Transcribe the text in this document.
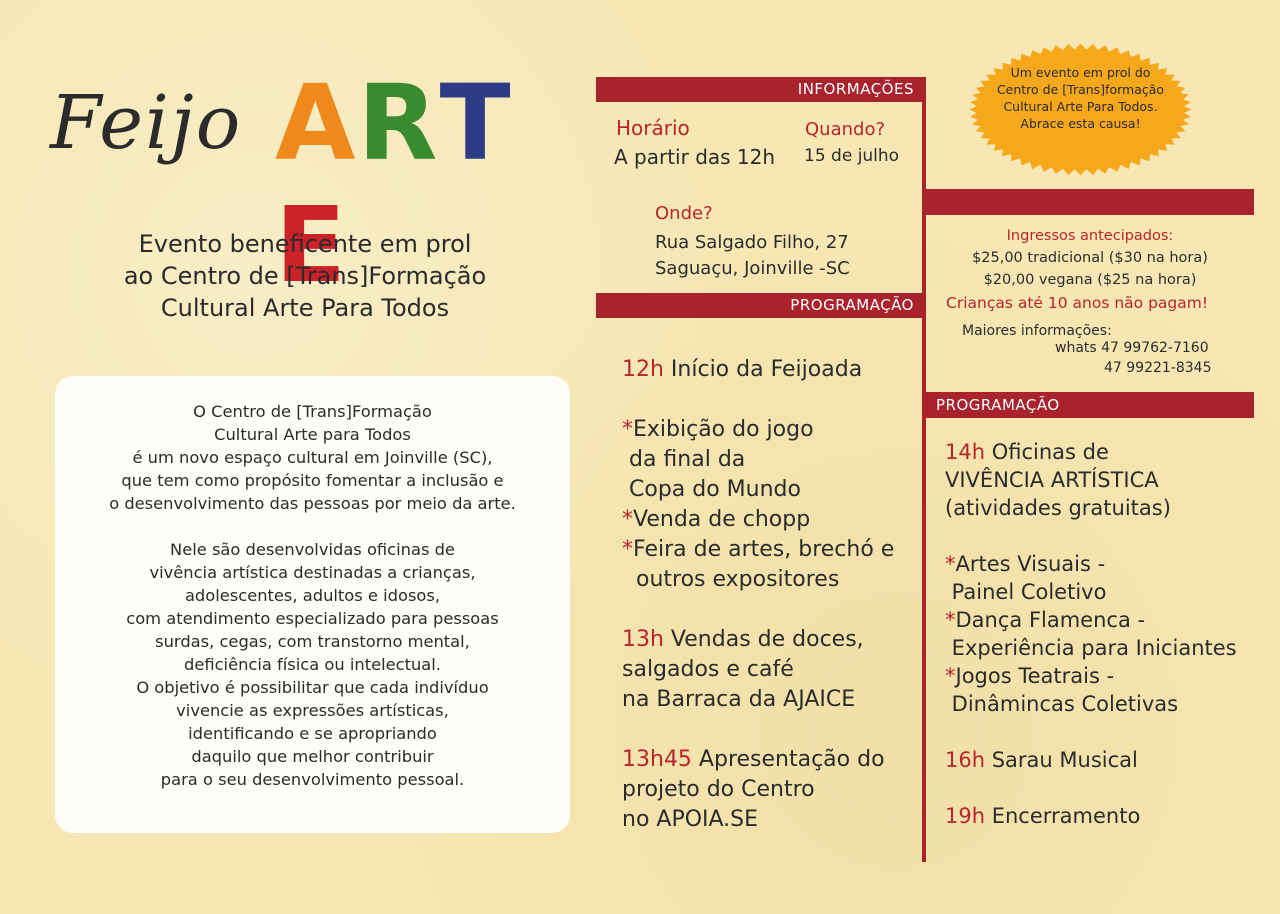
Feijo ARTE
Evento beneficente em prol
ao Centro de [Trans]Formação
Cultural Arte Para Todos

O Centro de [Trans]Formação

Cultural Arte para Todos

é um novo espaço cultural em Joinville (SC),

que tem como propósito fomentar a inclusão e

o desenvolvimento das pessoas por meio da arte.

Nele são desenvolvidas oficinas de

vivência artística destinadas a crianças,

adolescentes, adultos e idosos,

com atendimento especializado para pessoas

surdas, cegas, com transtorno mental,

deficiência física ou intelectual.

O objetivo é possibilitar que cada indivíduo

vivencie as expressões artísticas,

identificando e se apropriando

daquilo que melhor contribuir

para o seu desenvolvimento pessoal.

INFORMAÇÕES
Horário
A partir das 12h
Quando?
15 de julho
Onde?
Rua Salgado Filho, 27
Saguaçu, Joinville -SC
PROGRAMAÇÃO
12h Início da Feijoada
*Exibição do jogo
da final da
Copa do Mundo
*Venda de chopp
*Feira de artes, brechó e
outros expositores
13h Vendas de doces,
salgados e café
na Barraca da AJAICE
13h45 Apresentação do
projeto do Centro
no APOIA.SE
Um evento em prol do
Centro de [Trans]formação
Cultural Arte Para Todos.
Abrace esta causa!
Ingressos antecipados:
$25,00 tradicional ($30 na hora)
$20,00 vegana ($25 na hora)
Crianças até 10 anos não pagam!
Maiores informações:
whats 47 99762-7160
47 99221-8345
PROGRAMAÇÃO
14h Oficinas de
VIVÊNCIA ARTÍSTICA
(atividades gratuitas)
*Artes Visuais -
Painel Coletivo
*Dança Flamenca -
Experiência para Iniciantes
*Jogos Teatrais -
Dinâmincas Coletivas
16h Sarau Musical
19h Encerramento
